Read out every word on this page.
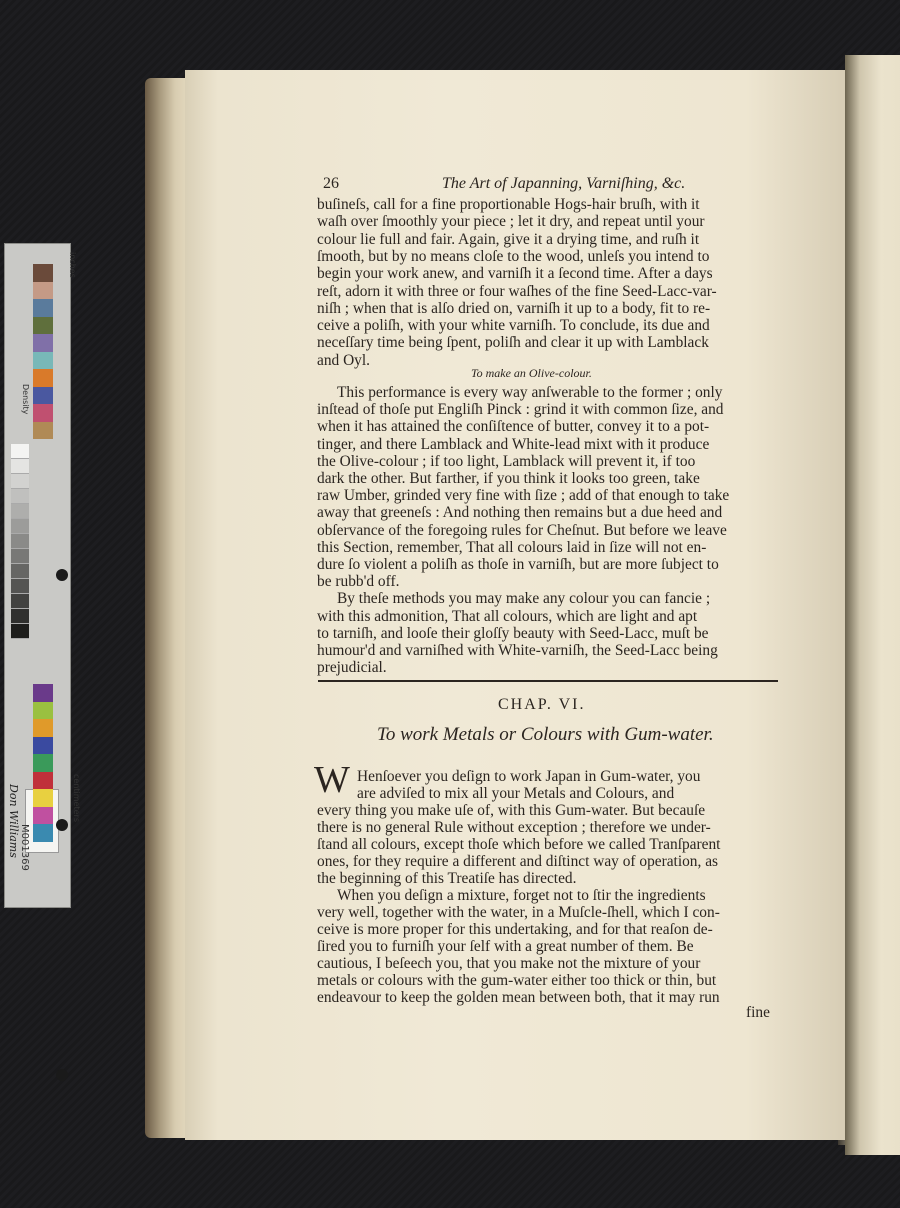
inches
Density
Don Williams	centimeters
M001369
26	The Art of Japanning, Varniſhing, &c.
buſineſs, call for a fine proportionable Hogs-hair bruſh, with it
waſh over ſmoothly your piece ; let it dry, and repeat until your
colour lie full and fair. Again, give it a drying time, and ruſh it
ſmooth, but by no means cloſe to the wood, unleſs you intend to
begin your work anew, and varniſh it a ſecond time. After a days
reſt, adorn it with three or four waſhes of the fine Seed-Lacc-var-
niſh ; when that is alſo dried on, varniſh it up to a body, fit to re-
ceive a poliſh, with your white varniſh. To conclude, its due and
neceſſary time being ſpent, poliſh and clear it up with Lamblack
and Oyl.
To make an Olive-colour.
This performance is every way anſwerable to the former ; only
inſtead of thoſe put Engliſh Pinck : grind it with common ſize, and
when it has attained the conſiſtence of butter, convey it to a pot-
tinger, and there Lamblack and White-lead mixt with it produce
the Olive-colour ; if too light, Lamblack will prevent it, if too
dark the other. But farther, if you think it looks too green, take
raw Umber, grinded very fine with ſize ; add of that enough to take
away that greeneſs : And nothing then remains but a due heed and
obſervance of the foregoing rules for Cheſnut. But before we leave
this Section, remember, That all colours laid in ſize will not en-
dure ſo violent a poliſh as thoſe in varniſh, but are more ſubject to
be rubb'd off.
By theſe methods you may make any colour you can fancie ;
with this admonition, That all colours, which are light and apt
to tarniſh, and looſe their gloſſy beauty with Seed-Lacc, muſt be
humour'd and varniſhed with White-varniſh, the Seed-Lacc being
prejudicial.
CHAP. VI.
To work Metals or Colours with Gum-water.
W Henſoever you deſign to work Japan in Gum-water, you
are adviſed to mix all your Metals and Colours, and
every thing you make uſe of, with this Gum-water. But becauſe
there is no general Rule without exception ; therefore we under-
ſtand all colours, except thoſe which before we called Tranſparent
ones, for they require a different and diſtinct way of operation, as
the beginning of this Treatiſe has directed.
When you deſign a mixture, forget not to ſtir the ingredients
very well, together with the water, in a Muſcle-ſhell, which I con-
ceive is more proper for this undertaking, and for that reaſon de-
ſired you to furniſh your ſelf with a great number of them. Be
cautious, I beſeech you, that you make not the mixture of your
metals or colours with the gum-water either too thick or thin, but
endeavour to keep the golden mean between both, that it may run
fine
